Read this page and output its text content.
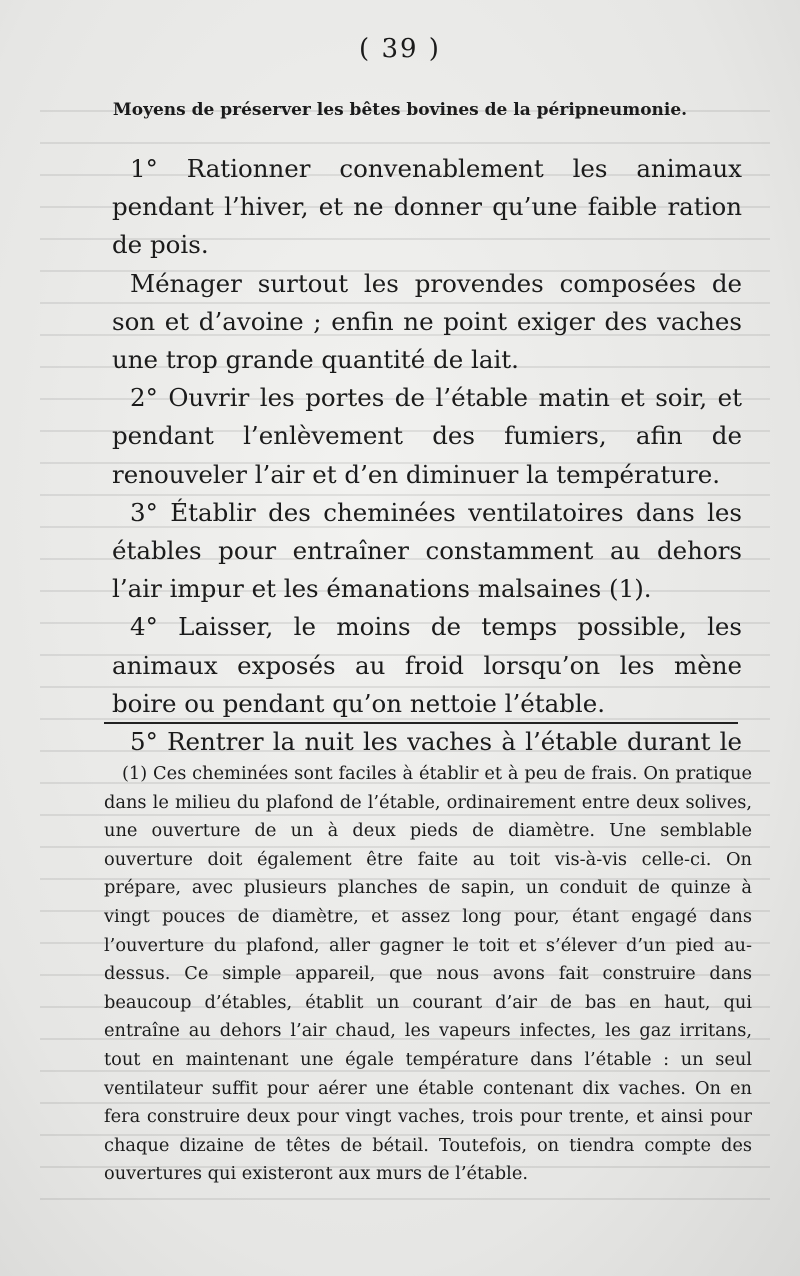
( 39 )
Moyens de préserver les bêtes bovines de la péripneumonie.

1° Rationner convenablement les animaux pendant l’hiver, et ne donner qu’une faible ration de pois.

Ménager surtout les provendes composées de son et d’avoine ; enfin ne point exiger des vaches une trop grande quantité de lait.

2° Ouvrir les portes de l’étable matin et soir, et pendant l’enlèvement des fumiers, afin de renouveler l’air et d’en diminuer la température.

3° Établir des cheminées ventilatoires dans les étables pour entraîner constamment au dehors l’air impur et les émanations malsaines (1).

4° Laisser, le moins de temps possible, les animaux exposés au froid lorsqu’on les mène boire ou pendant qu’on nettoie l’étable.

5° Rentrer la nuit les vaches à l’étable durant le

(1) Ces cheminées sont faciles à établir et à peu de frais. On pratique dans le milieu du plafond de l’étable, ordinairement entre deux solives, une ouverture de un à deux pieds de diamètre. Une semblable ouverture doit également être faite au toit vis-à-vis celle-ci. On prépare, avec plusieurs planches de sapin, un conduit de quinze à vingt pouces de diamètre, et assez long pour, étant engagé dans l’ouverture du plafond, aller gagner le toit et s’élever d’un pied au-dessus. Ce simple appareil, que nous avons fait construire dans beaucoup d’étables, établit un courant d’air de bas en haut, qui entraîne au dehors l’air chaud, les vapeurs infectes, les gaz irritans, tout en maintenant une égale température dans l’étable : un seul ventilateur suffit pour aérer une étable contenant dix vaches. On en fera construire deux pour vingt vaches, trois pour trente, et ainsi pour chaque dizaine de têtes de bétail. Toutefois, on tiendra compte des ouvertures qui existeront aux murs de l’étable.
